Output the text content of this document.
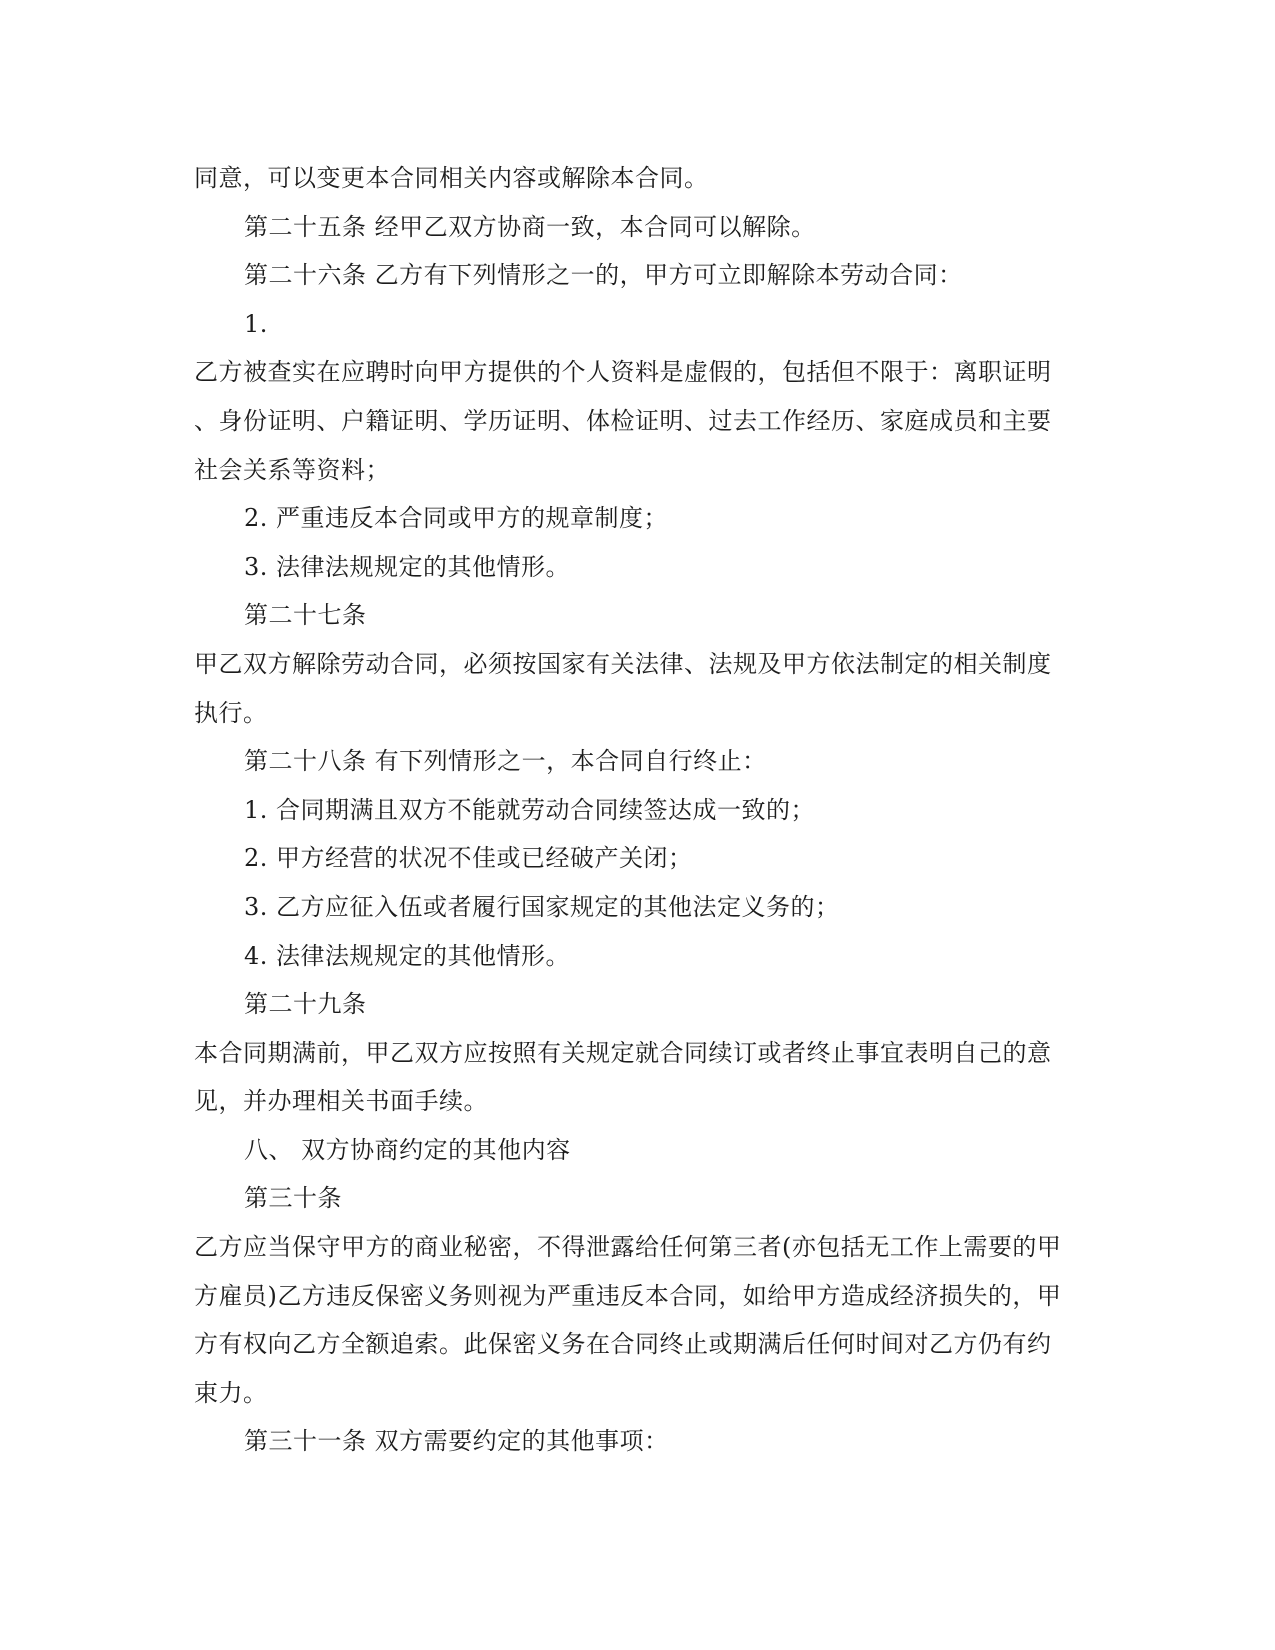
同意，可以变更本合同相关内容或解除本合同。
第二十五条 经甲乙双方协商一致，本合同可以解除。
第二十六条 乙方有下列情形之一的，甲方可立即解除本劳动合同：
1.
乙方被查实在应聘时向甲方提供的个人资料是虚假的，包括但不限于：离职证明
、身份证明、户籍证明、学历证明、体检证明、过去工作经历、家庭成员和主要
社会关系等资料；
2. 严重违反本合同或甲方的规章制度；
3. 法律法规规定的其他情形。
第二十七条
甲乙双方解除劳动合同，必须按国家有关法律、法规及甲方依法制定的相关制度
执行。
第二十八条 有下列情形之一，本合同自行终止：
1. 合同期满且双方不能就劳动合同续签达成一致的；
2. 甲方经营的状况不佳或已经破产关闭；
3. 乙方应征入伍或者履行国家规定的其他法定义务的；
4. 法律法规规定的其他情形。
第二十九条
本合同期满前，甲乙双方应按照有关规定就合同续订或者终止事宜表明自己的意
见，并办理相关书面手续。
八、 双方协商约定的其他内容
第三十条
乙方应当保守甲方的商业秘密，不得泄露给任何第三者(亦包括无工作上需要的甲
方雇员)乙方违反保密义务则视为严重违反本合同，如给甲方造成经济损失的，甲
方有权向乙方全额追索。此保密义务在合同终止或期满后任何时间对乙方仍有约
束力。
第三十一条 双方需要约定的其他事项：
